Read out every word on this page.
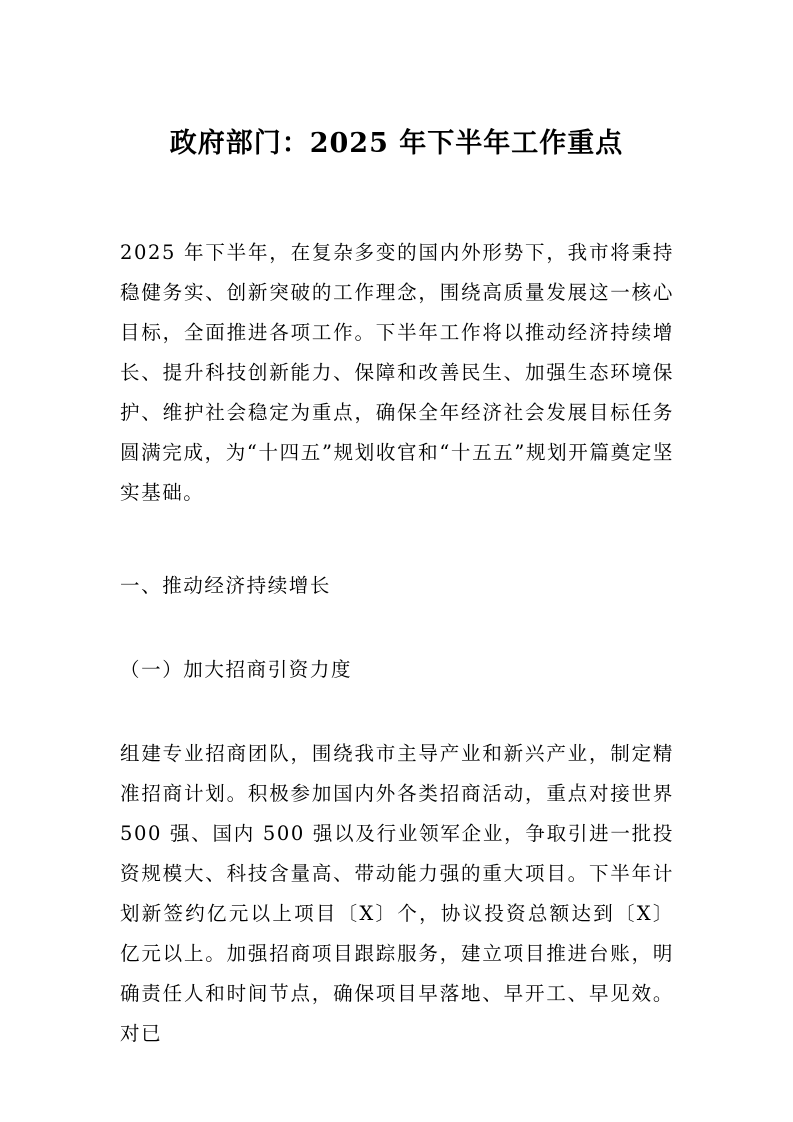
政府部门：2025 年下半年工作重点

2025 年下半年，在复杂多变的国内外形势下，我市将秉持稳健务实、创新突破的工作理念，围绕高质量发展这一核心目标，全面推进各项工作。下半年工作将以推动经济持续增长、提升科技创新能力、保障和改善民生、加强生态环境保护、维护社会稳定为重点，确保全年经济社会发展目标任务圆满完成，为“十四五”规划收官和“十五五”规划开篇奠定坚实基础。

一、推动经济持续增长

（一）加大招商引资力度

组建专业招商团队，围绕我市主导产业和新兴产业，制定精准招商计划。积极参加国内外各类招商活动，重点对接世界500 强、国内 500 强以及行业领军企业，争取引进一批投资规模大、科技含量高、带动能力强的重大项目。下半年计划新签约亿元以上项目〔X〕个，协议投资总额达到〔X〕亿元以上。加强招商项目跟踪服务，建立项目推进台账，明确责任人和时间节点，确保项目早落地、早开工、早见效。对已
